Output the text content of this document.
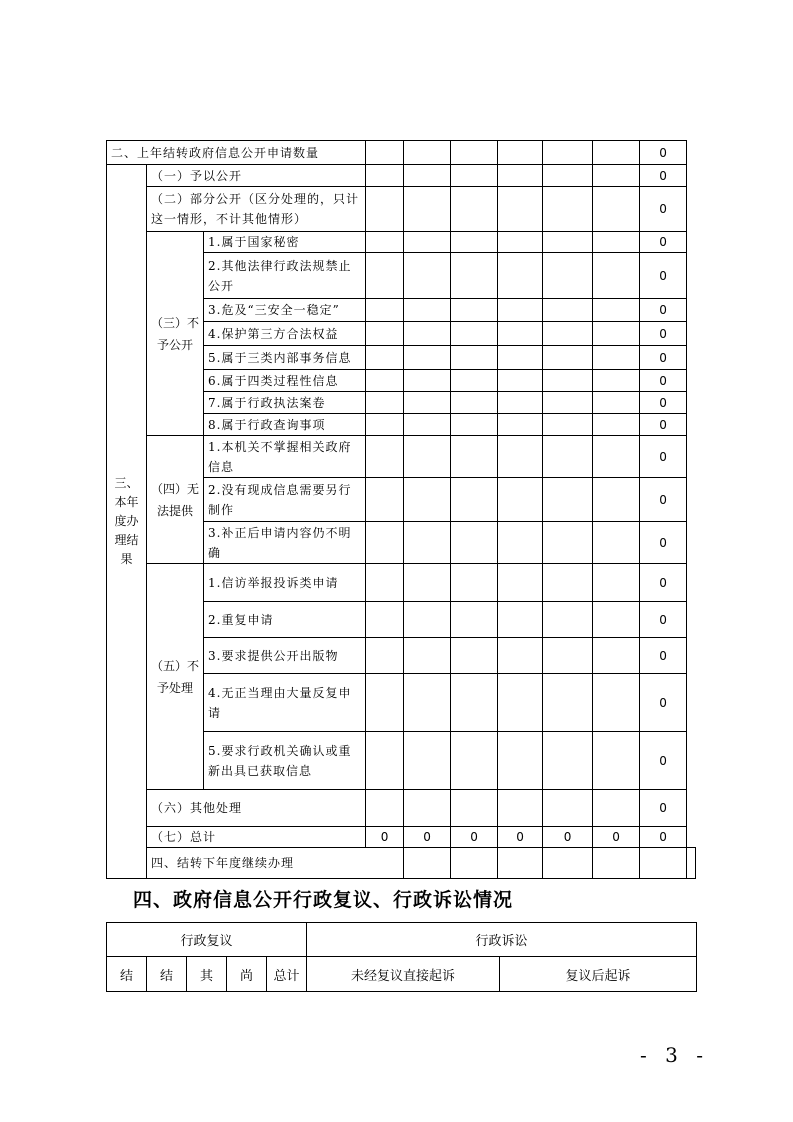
二、上年结转政府信息公开申请数量									0	
三、本年度办理结果	（一）予以公开								0	
	（二）部分公开（区分处理的，只计这一情形，不计其他情形）								0	
	（三）不予公开	1.属于国家秘密							0	
		2.其他法律行政法规禁止公开							0	
		3.危及“三安全一稳定”							0	
		4.保护第三方合法权益							0	
		5.属于三类内部事务信息							0	
		6.属于四类过程性信息							0	
		7.属于行政执法案卷							0	
		8.属于行政查询事项							0	
	（四）无法提供	1.本机关不掌握相关政府信息							0	
		2.没有现成信息需要另行制作							0	
		3.补正后申请内容仍不明确							0	
	（五）不予处理	1.信访举报投诉类申请							0	
		2.重复申请							0	
		3.要求提供公开出版物							0	
		4.无正当理由大量反复申请							0	
		5.要求行政机关确认或重新出具已获取信息							0	
	（六）其他处理								0	
	（七）总计		0	0	0	0	0	0	0	
	四、结转下年度继续办理									
四、政府信息公开行政复议、行政诉讼情况
行政复议					行政诉讼	
结	结	其	尚	总计	未经复议直接起诉	复议后起诉
- 3 -
